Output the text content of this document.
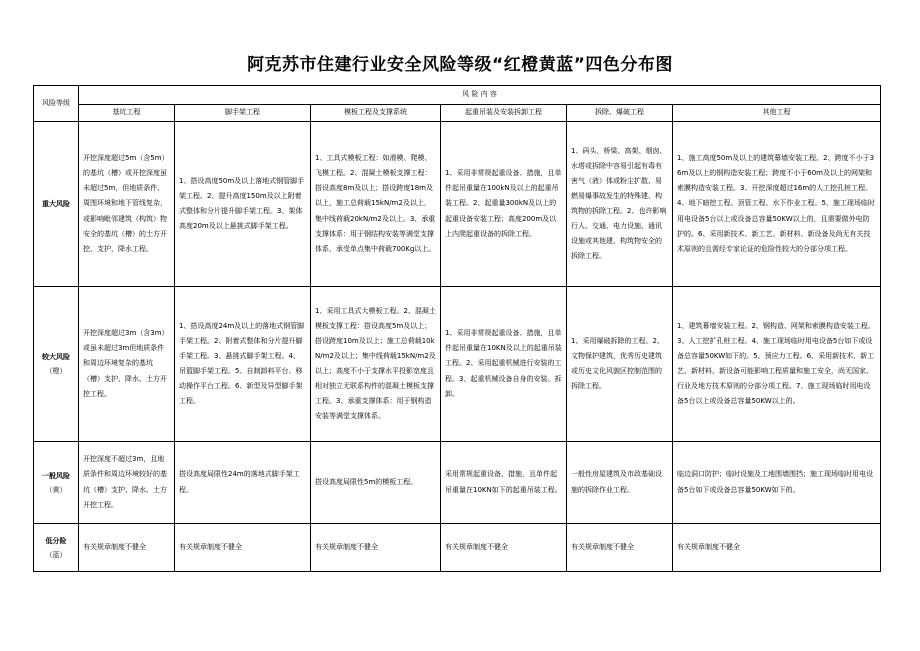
阿克苏市住建行业安全风险等级“红橙黄蓝”四色分布图
风险等级	风 险 内 容					
	基坑工程	脚手架工程	模板工程及支撑系统	起重吊装及安装拆卸工程	拆除、爆破工程	其他工程

重大风险	开挖深度超过5m（含5m）的基坑（槽）或开挖深度虽未超过5m，但地质条件、周围环境和地下管线复杂，或影响毗邻建筑（构筑）物安全的基坑（槽）的土方开挖、支护、降水工程。	1、搭设高度50m及以上落地式钢管脚手架工程。2、提升高度150m及以上附着式整体和分片提升脚手架工程。3、架体高度20m及以上悬挑式脚手架工程。	1、工具式模板工程：如滑模、爬模、飞模工程。2、混凝土模板支撑工程：搭设高度8m及以上；搭设跨度18m及以上，施工总荷载15kN/m2及以上，集中线荷载20kN/m2及以上。3、承重支撑体系：用于钢结构安装等满堂支撑体系，承受单点集中荷载700Kg以上。	1、采用非常规起重设备、措施，且单件起吊重量在100kN及以上的起重吊装工程。2、起重量300kN及以上的起重设备安装工程；高度200m及以上内爬起重设备的拆除工程。	1、码头、桥梁、高架、烟囱、水塔或拆除中容易引起有毒有害气（液）体或粉尘扩散、易燃易爆事故发生的特殊建、构筑物的拆除工程。2、也许影响行人、交通、电力设施、通讯设施或其他建、构筑物安全的拆除工程。	1、施工高度50m及以上的建筑幕墙安装工程。2、跨度不小于36m及以上的钢构造安装工程；跨度不小于60m及以上的网架和索膜构造安装工程。3、开挖深度超过16m的人工挖孔桩工程。4、地下暗挖工程、顶管工程、水下作业工程。5、施工现场临时用电设备5台以上或设备总容量50KW以上的，且需要做外电防护的。6、采用新技术、新工艺、新材料、新设备及尚无有关技术原则的且需经专家论证的危险性较大的分部分项工程。

较大风险
（橙）	开挖深度超过3m（含3m）或虽未超过3m但地质条件和周边环境复杂的基坑（槽）支护、降水、土方开挖工程。	1、搭设高度24m及以上的落地式钢管脚手架工程。2、附着式整体和分片提升脚手架工程。3、悬挑式脚手架工程。4、吊篮脚手架工程。5、自制卸料平台、移动操作平台工程。6、新型及异型脚手架工程。	1、采用工具式大模板工程。2、混凝土模板支撑工程：搭设高度5m及以上；搭设跨度10m及以上；施工总荷载10kN/m2及以上；集中线荷载15kN/m2及以上；高度不小于支撑水平投影宽度且相对独立无联系构件的混凝土模板支撑工程。3、承重支撑体系：用于钢构造安装等满堂支撑体系。	1、采用非常规起重设备、措施，且单件起吊重量在10KN及以上的起重吊装工程。2、采用起重机械进行安装的工程。3、起重机械设备自身的安装、拆卸。	1、采用爆破拆除的工程。2、文物保护建筑，优秀历史建筑或历史文化风貌区控制范围的拆除工程。	1、建筑幕墙安装工程。2、钢构造、网架和索膜构造安装工程。3、人工挖扩孔桩工程。4、施工现场临时用电设备5台如下或设备总容量50KW如下的。5、预应力工程。6、采用新技术、新工艺、新材料、新设备可能影响工程质量和施工安全，尚无国家、行业及地方技术原则的分部分项工程。7、施工现场临时用电设备5台以上或设备总容量50KW以上的。

一般风险
（黄）	开挖深度不超过3m，且地质条件和周边环境较好的基坑（槽）支护、降水、土方开挖工程。	搭设高度局限性24m的落地式脚手架工程。	搭设高度局限性5m的模板工程。	采用常规起重设备、措施，且单件起吊重量在10KN如下的起重吊装工程。	一般性房屋建筑及市政基础设施的拆除作业工程。	临边洞口防护；临时设施及工地围墙围挡；施工现场临时用电设备5台如下或设备总容量50KW如下的。

低分险
（蓝）	有关规章制度不健全	有关规章制度不健全	有关规章制度不健全	有关规章制度不健全	有关规章制度不健全	有关规章制度不健全
